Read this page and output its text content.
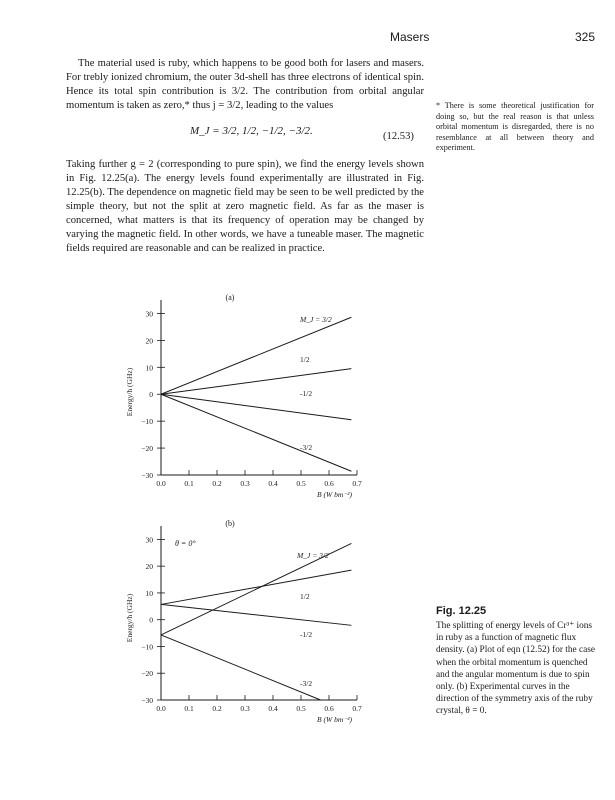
Masers	325

The material used is ruby, which happens to be good both for lasers and masers. For trebly ionized chromium, the outer 3d-shell has three electrons of identical spin. Hence its total spin contribution is 3/2. The contribution from orbital angular momentum is taken as zero,* thus j = 3/2, leading to the values

M_J = 3/2, 1/2, −1/2, −3/2.	(12.53)

Taking further g = 2 (corresponding to pure spin), we find the energy levels shown in Fig. 12.25(a). The energy levels found experimentally are illustrated in Fig. 12.25(b). The dependence on magnetic field may be seen to be well predicted by the simple theory, but not the split at zero magnetic field. As far as the maser is concerned, what matters is that its frequency of operation may be changed by varying the magnetic field. In other words, we have a tuneable maser. The magnetic fields required are reasonable and can be realized in practice.

* There is some theoretical justification for doing so, but the real reason is that unless orbital momentum is disregarded, there is no resemblance at all between theory and experiment.

30
20
10
0
−10
−20
−30
0.0 0.1 0.2 0.3 0.4 0.5 0.6 0.7
B (W bm⁻²)
Energy/h (GHz)
(a)
M_J = 3/2
1/2
-1/2
-3/2
30
20
10
0
−10
−20
−30
0.0 0.1 0.2 0.3 0.4 0.5 0.6 0.7
B (W bm⁻²)
Energy/h (GHz)
(b)
θ = 0°
M_J = 3/2
1/2
-1/2
-3/2
Fig. 12.25

The splitting of energy levels of Cr³⁺ ions in ruby as a function of magnetic flux density. (a) Plot of eqn (12.52) for the case when the orbital momentum is quenched and the angular momentum is due to spin only. (b) Experimental curves in the direction of the symmetry axis of the ruby crystal, θ = 0.
